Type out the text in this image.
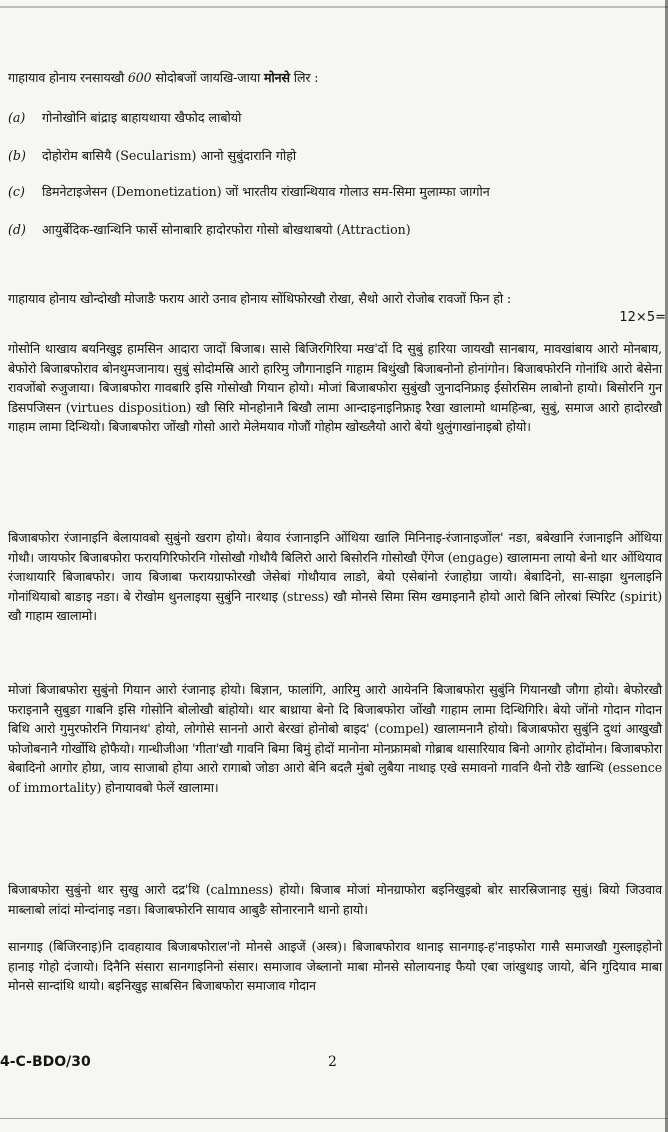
गाहायाव होनाय रनसायखौ 600 सोदोबजों जायखि-जाया मोनसे लिर :

(a) गोनोखोनि बांद्राइ बाहायथाया खैफोद लाबोयो
(b) दोहोरोम बासियै (Secularism) आनो सुबुंदारानि गोहो
(c) डिमनेटाइजेसन (Demonetization) जों भारतीय रांखान्थियाव गोलाउ सम-सिमा मुलाम्फा जागोन
(d) आयुर्बेदिक-खान्थिनि फार्से सोनाबारि हादोरफोरा गोसो बोखथाबयो (Attraction)

गाहायाव होनाय खोन्दोखौ मोजाङै फराय आरो उनाव होनाय सोंथिफोरखौ रोखा, सैथो आरो रोजोब रावजों फिन हो :

12×5=

गोसोनि थाखाय बयनिखुइ हामसिन आदारा जादों बिजाब। सासे बिजिरगिरिया मख'दों दि सुबुं हारिया जायखौ सानबाय, मावखांबाय आरो मोनबाय, बेफोरो बिजाबफोराव बोनथुमजानाय। सुबुं सोदोमस्रि आरो हारिमु जौगानाइनि गाहाम बिथुंखौ बिजाबनोनो होनांगोन। बिजाबफोरनि गोनांथि आरो बेसेना रावजोंबो रुजुजाया। बिजाबफोरा गावबारि इसि गोसोखौ गियान होयो। मोजां बिजाबफोरा सुबुंखौ जुनादनिफ्राइ ईसोरसिम लाबोनो हायो। बिसोरनि गुन डिसपजिसन (virtues disposition) खौ सिरि मोनहोनानै बिखौ लामा आन्दाइनाइनिफ्राइ रैखा खालामो थामहिन्बा, सुबुं, समाज आरो हादोरखौ गाहाम लामा दिन्थियो। बिजाबफोरा जोंखौ गोसो आरो मेलेमयाव गोजौं गोहोम खोख्लैयो आरो बेयो थुलुंगाखांनाइबो होयो।

बिजाबफोरा रंजानाइनि बेलायावबो सुबुंनो खराग होयो। बेयाव रंजानाइनि ओंथिया खालि मिनिनाइ-रंजानाइजोंल' नङा, बबेखानि रंजानाइनि ओंथिया गोथौ। जायफोर बिजाबफोरा फरायगिरिफोरनि गोसोखौ गोथौयै बिलिरो आरो बिसोरनि गोसोखौ ऐंगेज (engage) खालामना लायो बेनो थार ओंथियाव रंजाथायारि बिजाबफोर। जाय बिजाबा फरायग्राफोरखौ जेसेबां गोथौयाव लाङो, बेयो एसेबांनो रंजाहोग्रा जायो। बेबादिनो, सा-साझा थुनलाइनि गोनांथियाबो बाङाइ नङा। बे रोखोम थुनलाइया सुबुंनि नारथाइ (stress) खौ मोनसे सिमा सिम खमाइनानै होयो आरो बिनि लोरबां स्पिरिट (spirit) खौ गाहाम खालामो।

मोजां बिजाबफोरा सुबुंनो गियान आरो रंजानाइ होयो। बिज्ञान, फालांगि, आरिमु आरो आयेननि बिजाबफोरा सुबुंनि गियानखौ जौगा होयो। बेफोरखौ फराइनानै सुबुङा गाबनि इसि गोसोनि बोलोखौ बांहोयो। थार बाथ्राया बेनो दि बिजाबफोरा जोंखौ गाहाम लामा दिन्थिगिरि। बेयो जोंनो गोदान गोदान बिथि आरो गुमुरफोरनि गियानथ' होयो, लोगोसे साननो आरो बेरखां होनोबो बाइद' (compel) खालामनानै होयो। बिजाबफोरा सुबुंनि दुथां आखुखौ फोजोबनानै गोर्खोथि होफैयो। गान्धीजीआ 'गीता'खौ गावनि बिमा बिमुं होदों मानोना मोनफ्रामबो गोब्राब थासारियाव बिनो आगोर होदोंमोन। बिजाबफोरा बेबादिनो आगोर होग्रा, जाय साजाबो होया आरो रागाबो जोङा आरो बेनि बदलै मुंबो लुबैया नाथाइ एखे समावनो गावनि थैनो रोङै खान्थि (essence of immortality) होनायावबो फेलें खालामा।

बिजाबफोरा सुबुंनो थार सुखु आरो दद्र'थि (calmness) होयो। बिजाब मोजां मोनग्राफोरा बइनिखुइबो बोर सारस्रिजानाइ सुबुं। बियो जिउवाव माब्लाबो लांदां मोन्दांनाइ नङा। बिजाबफोरनि सायाव आबुङै सोनारनानै थानो हायो।

सानगाइ (बिजिरनाइ)नि दावहायाव बिजाबफोराल'नो मोनसे आइजें (अस्त्र)। बिजाबफोराव थानाइ सानगाइ-ह'नाइफोरा गासै समाजखौ गुस्लाइहोनो हानाइ गोहो दंजायो। दिनैनि संसारा सानगाइनिनो संसार। समाजाव जेब्लानो माबा मोनसे सोलायनाइ फैयो एबा जांखुथाइ जायो, बेनि गुदियाव माबा मोनसे सान्दांथि थायो। बइनिखुइ साबसिन बिजाबफोरा समाजाव गोदान

4-C-BDO/30	2
